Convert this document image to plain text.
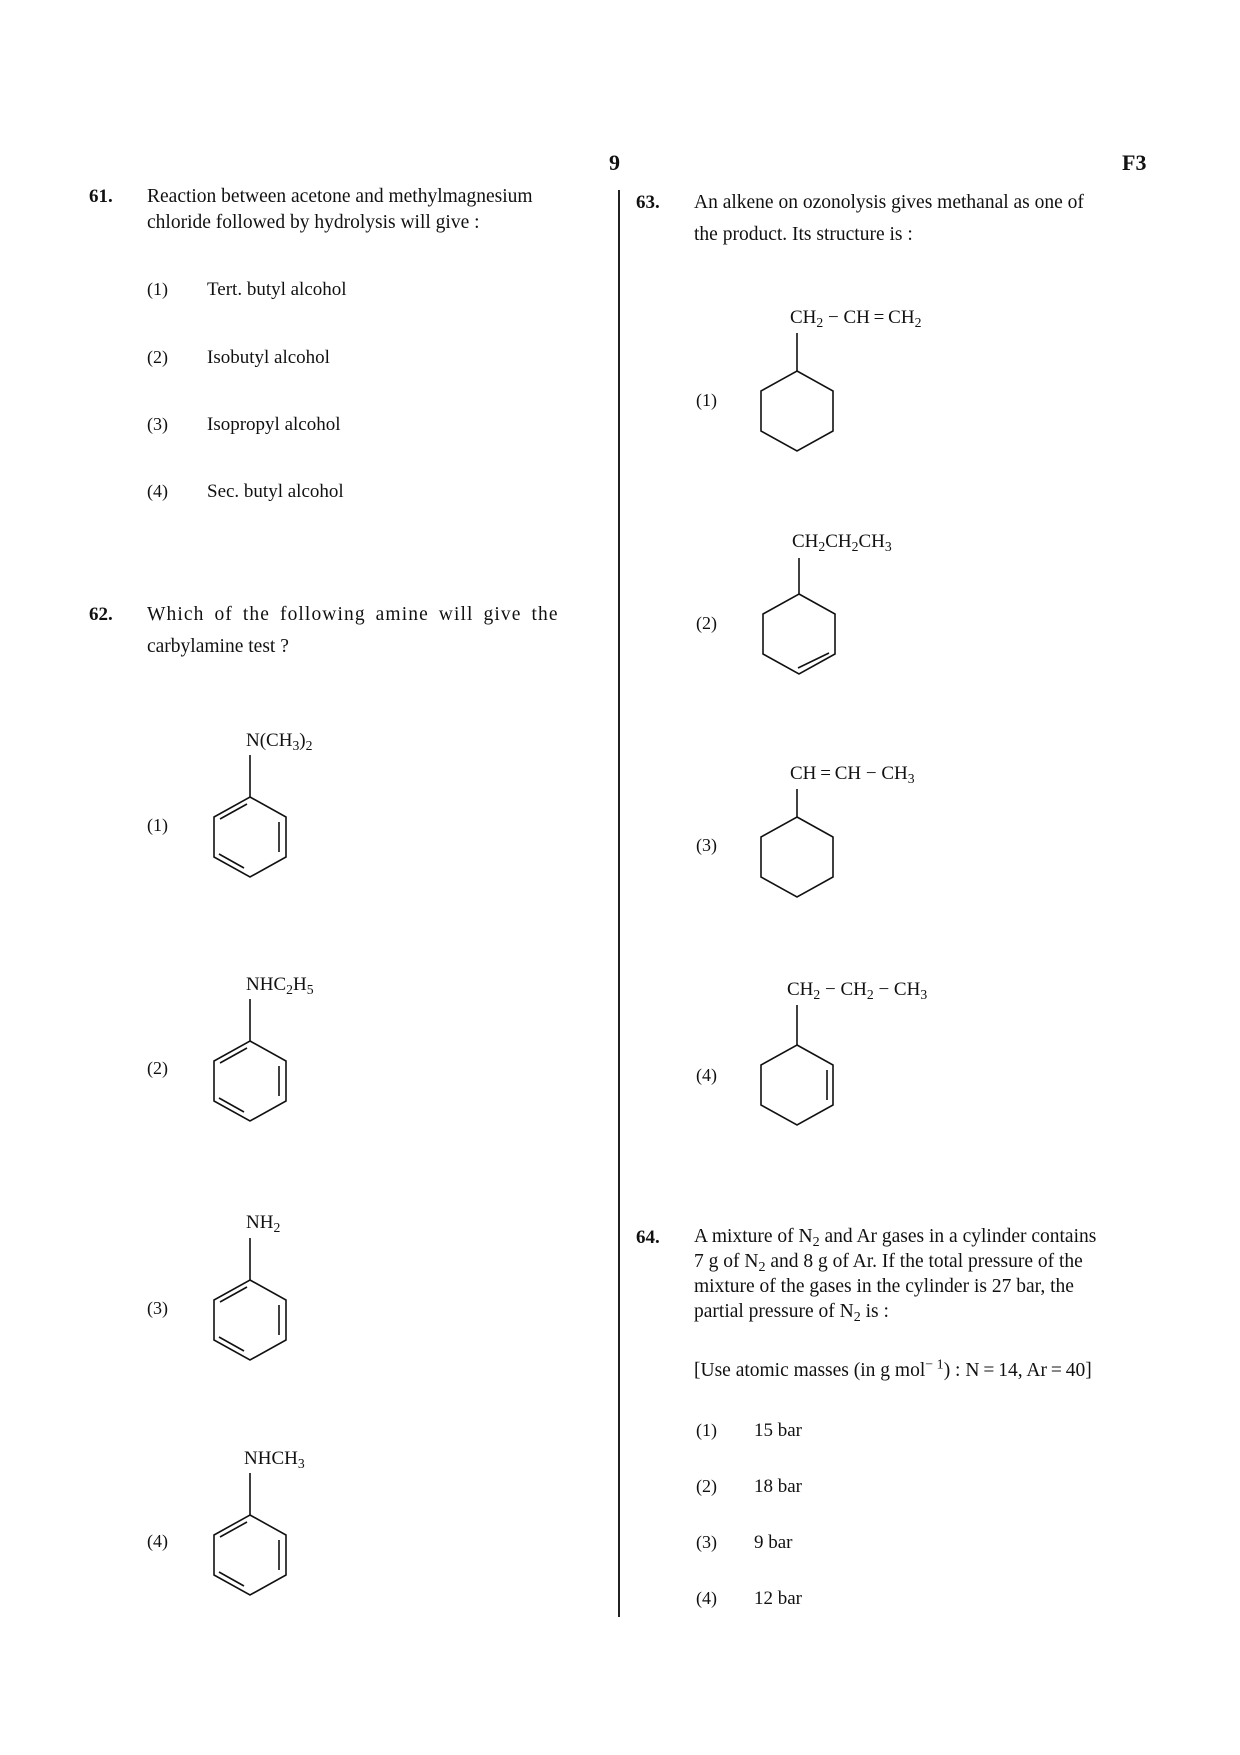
9	F3
61. Reaction between acetone and methylmagnesium
chloride followed by hydrolysis will give :
(1) Tert. butyl alcohol
(2) Isobutyl alcohol
(3) Isopropyl alcohol
(4) Sec. butyl alcohol
62. Which of the following amine will give the
carbylamine test ?
(1)
$N(CH_3)_2$
(2)
$NHC_2H_5$
(3)
$NH_2$
(4)
$NHCH_3$
63. An alkene on ozonolysis gives methanal as one of
the product. Its structure is :
(1)
$CH_2$ − CH = $CH_2$
(2)
$CH_2CH_2CH_3$
(3)
CH = CH − $CH_3$
(4)
$CH_2 - CH_2 - CH_3$
64. A mixture of $N_2$ and Ar gases in a cylinder contains
7 g of $N_2$ and 8 g of Ar. If the total pressure of the
mixture of the gases in the cylinder is 27 bar, the
partial pressure of $N_2$ is :
[Use atomic masses (in g mol$^{- 1}$) : N = 14, Ar = 40]
(1) 15 bar
(2) 18 bar
(3) 9 bar
(4) 12 bar
